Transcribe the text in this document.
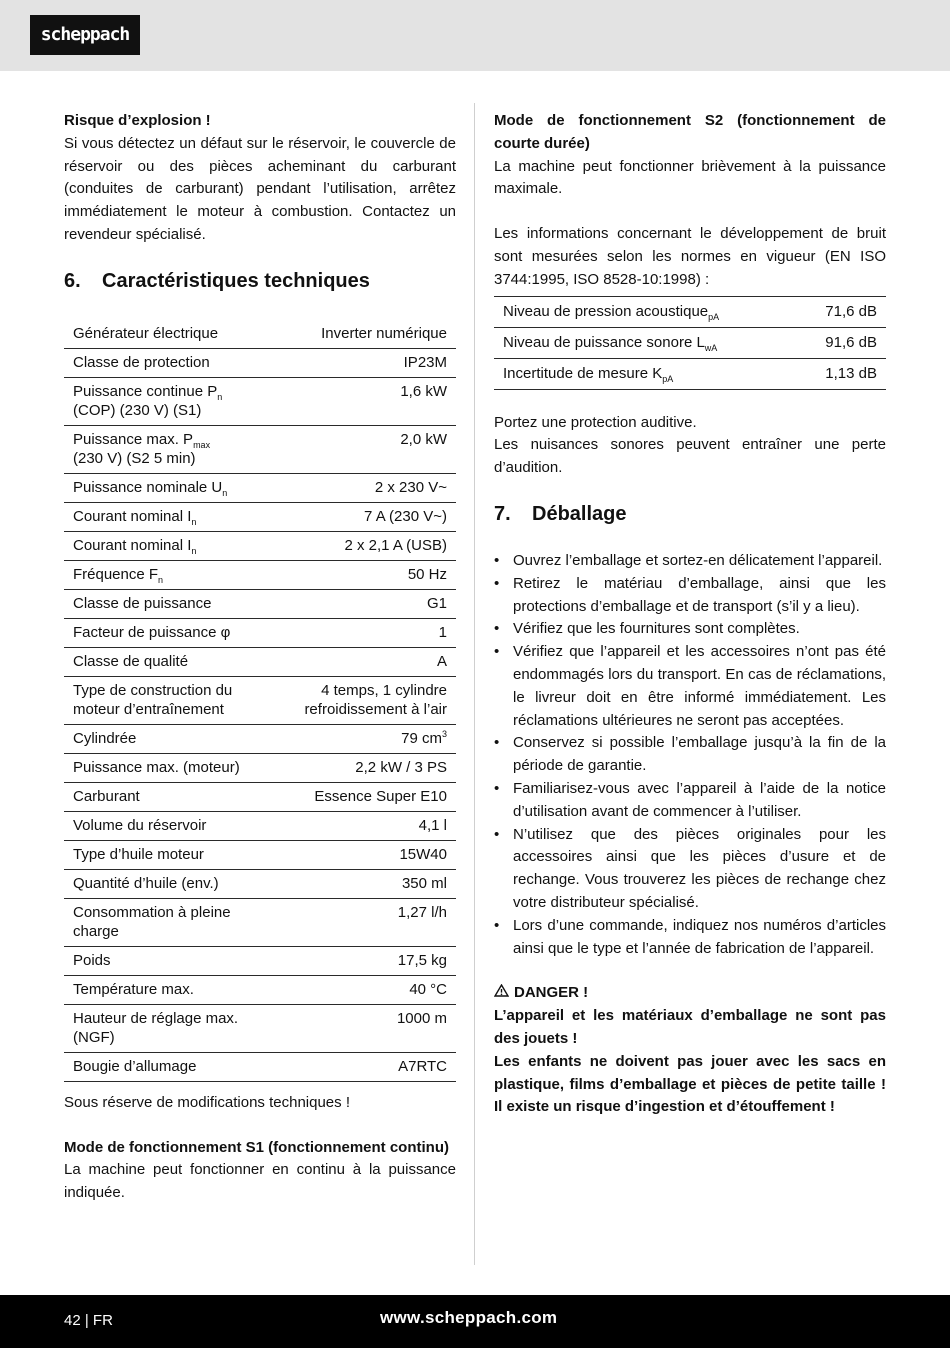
scheppach

Risque d’explosion !

Si vous détectez un défaut sur le réservoir, le couvercle de réservoir ou des pièces acheminant du carburant (conduites de carburant) pendant l’utilisation, arrêtez immédiatement le moteur à combustion. Contactez un revendeur spécialisé.

6.	Caractéristiques techniques
Générateur électrique	Inverter numérique
Classe de protection	IP23M
Puissance continue $P_n$
(COP) (230 V) (S1)	1,6 kW
Puissance max. $P_{max}$
(230 V) (S2 5 min)	2,0 kW
Puissance nominale $U_n$	2 x 230 V~
Courant nominal $I_n$	7 A (230 V~)
Courant nominal $I_n$	2 x 2,1 A (USB)
Fréquence $F_n$	50 Hz
Classe de puissance	G1
Facteur de puissance φ	1
Classe de qualité	A
Type de construction du
moteur d’entraînement	4 temps, 1 cylindre
refroidissement à l’air
Cylindrée	79 $cm^3$
Puissance max. (moteur)	2,2 kW / 3 PS
Carburant	Essence Super E10
Volume du réservoir	4,1 l
Type d’huile moteur	15W40
Quantité d’huile (env.)	350 ml
Consommation à pleine
charge	1,27 l/h
Poids	17,5 kg
Température max.	40 °C
Hauteur de réglage max.
(NGF)	1000 m
Bougie d’allumage	A7RTC

Sous réserve de modifications techniques !

Mode de fonctionnement S1 (fonctionnement continu)

La machine peut fonctionner en continu à la puissance indiquée.

Mode de fonctionnement S2 (fonctionnement de courte durée)

La machine peut fonctionner brièvement à la puissance maximale.

Les informations concernant le développement de bruit sont mesurées selon les normes en vigueur (EN ISO 3744:1995, ISO 8528-10:1998) :

Niveau de pression acoustique$_{pA}$	71,6 dB
Niveau de puissance sonore $L_{wA}$	91,6 dB
Incertitude de mesure $K_{pA}$	1,13 dB

Portez une protection auditive.

Les nuisances sonores peuvent entraîner une perte d’audition.

7.	Déballage
• Ouvrez l’emballage et sortez-en délicatement l’appareil.
• Retirez le matériau d’emballage, ainsi que les protections d’emballage et de transport (s’il y a lieu).
• Vérifiez que les fournitures sont complètes.
• Vérifiez que l’appareil et les accessoires n’ont pas été endommagés lors du transport. En cas de réclamations, le livreur doit en être informé immédiatement. Les réclamations ultérieures ne seront pas acceptées.
• Conservez si possible l’emballage jusqu’à la fin de la période de garantie.
• Familiarisez-vous avec l’appareil à l’aide de la notice d’utilisation avant de commencer à l’utiliser.
• N’utilisez que des pièces originales pour les accessoires ainsi que les pièces d’usure et de rechange. Vous trouverez les pièces de rechange chez votre distributeur spécialisé.
• Lors d’une commande, indiquez nos numéros d’articles ainsi que le type et l’année de fabrication de l’appareil.

DANGER !

L’appareil et les matériaux d’emballage ne sont pas des jouets !

Les enfants ne doivent pas jouer avec les sacs en plastique, films d’emballage et pièces de petite taille ! Il existe un risque d’ingestion et d’étouffement !

42 | FR	www.scheppach.com
